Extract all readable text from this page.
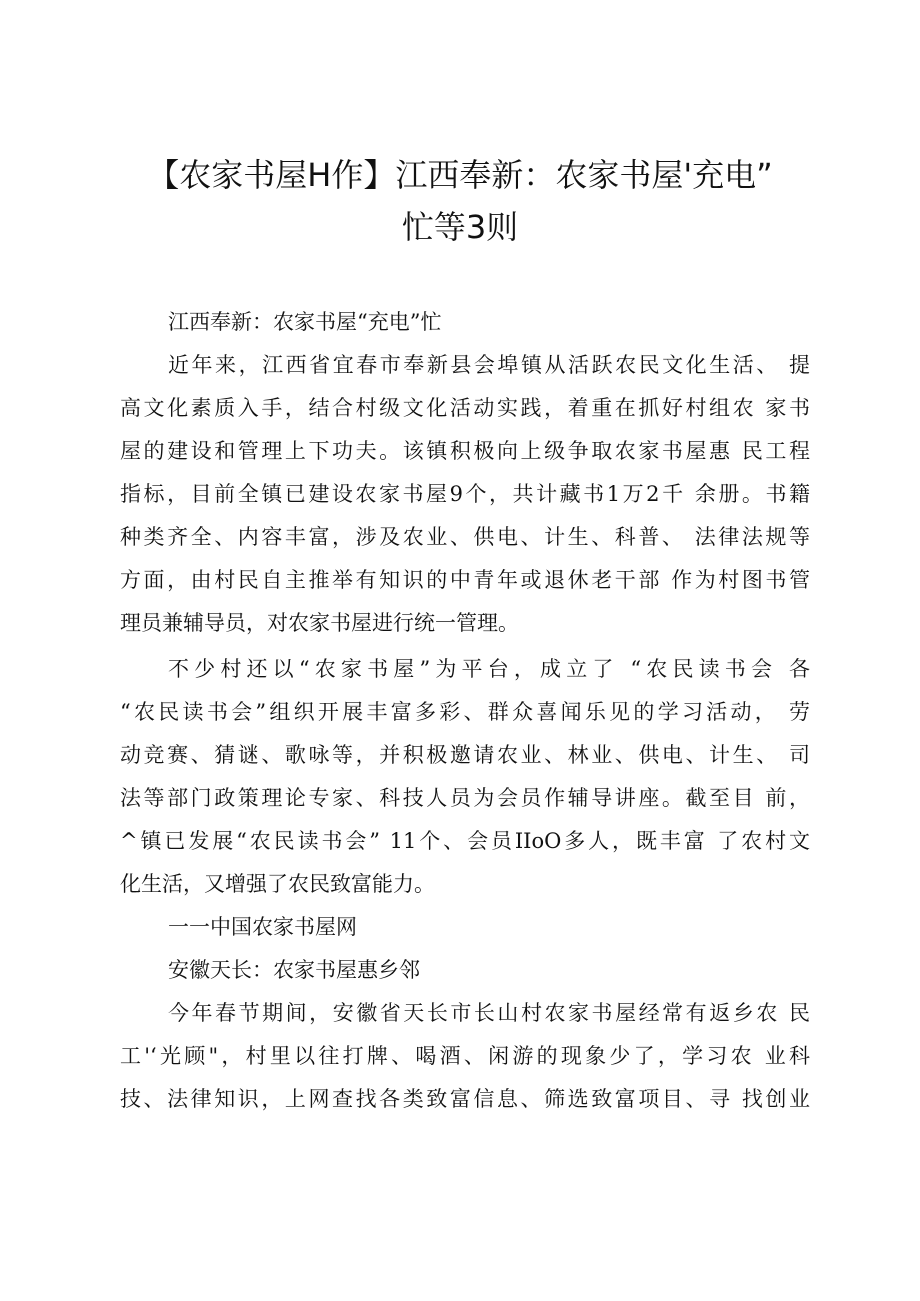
【农家书屋H作】江西奉新：农家书屋'充电”
忙等3则
江西奉新：农家书屋“充电”忙
近年来，江西省宜春市奉新县会埠镇从活跃农民文化生活、 提
高文化素质入手，结合村级文化活动实践，着重在抓好村组农 家书
屋的建设和管理上下功夫。该镇积极向上级争取农家书屋惠 民工程
指标，目前全镇已建设农家书屋9个，共计藏书1万2千 余册。书籍
种类齐全、内容丰富，涉及农业、供电、计生、科普、 法律法规等
方面，由村民自主推举有知识的中青年或退休老干部 作为村图书管
理员兼辅导员，对农家书屋进行统一管理。
不少村还以“农家书屋”为平台，成立了 “农民读书会 各
“农民读书会”组织开展丰富多彩、群众喜闻乐见的学习活动， 劳
动竞赛、猜谜、歌咏等，并积极邀请农业、林业、供电、计生、 司
法等部门政策理论专家、科技人员为会员作辅导讲座。截至目 前，
^镇已发展“农民读书会” 11个、会员IIoO多人，既丰富 了农村文
化生活，又增强了农民致富能力。
一一中国农家书屋网
安徽天长：农家书屋惠乡邻
今年春节期间，安徽省天长市长山村农家书屋经常有返乡农 民
工'‘光顾"，村里以往打牌、喝酒、闲游的现象少了，学习农 业科
技、法律知识，上网查找各类致富信息、筛选致富项目、寻 找创业
